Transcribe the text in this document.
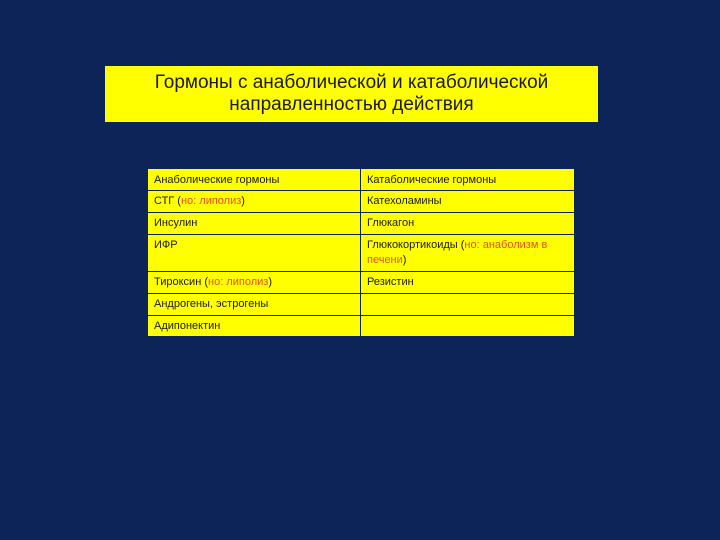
Гормоны с анаболической и катаболической
направленностью действия
Анаболические гормоны	Катаболические гормоны
СТГ (но: липолиз)	Катехоламины
Инсулин	Глюкагон
ИФР	Глюкокортикоиды (но: анаболизм в печени)
Тироксин (но: липолиз)	Резистин
Андрогены, эстрогены	
Адипонектин	
